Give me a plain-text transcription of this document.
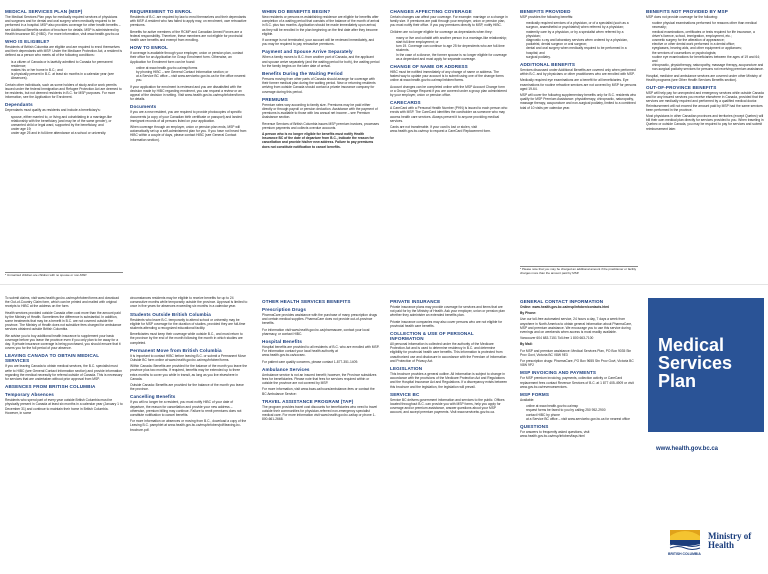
MEDICAL SERVICES PLAN (MSP)

The Medical Services Plan pays for medically required services of physicians and surgeons and for dental and oral surgery when medically required to be performed in a hospital. MSP also provides coverage for other health benefits – see Additional Benefits section of brochure for details. MSP is administered by Health Insurance BC (HIBC). For more information, visit www.health.gov.bc.ca

WHO IS ELIGIBLE?

Residents of British Columbia are eligible and are required to enrol themselves and their dependants with MSP. Under the Medicare Protection Act, a resident is defined as a person who meets all of the following conditions:

• is a citizen of Canada or is lawfully admitted to Canada for permanent residence;
• makes his or her home in B.C.; and
• is physically present in B.C. at least six months in a calendar year (see Absences).

Certain other individuals, such as some holders of study and/or work permits issued under the federal Immigration and Refugee Protection Act are deemed to be residents, but not deemed residents in B.C. for MSP purposes. For more information, see the Application for Enrolment.

Dependants

Dependants must qualify as residents and include a beneficiary's:

• spouse, either married to, or living and cohabitating in a marriage-like relationship with the beneficiary (and may be of the same gender), or
• unmarried child or legal ward, supported by the beneficiary, and
• under age 19;
• under age 25 and in full-time attendance at a school or university.
* Unmarried children are children with no spouse or non-MSP.
REQUIREMENT TO ENROL

Residents of B.C. are required by law to enrol themselves and their dependants with MSP. A resident who has failed to apply may, on enrolment, owe retroactive premiums.

Benefits for active members of the RCMP and Canadian Armed Forces are a federal responsibility. Therefore, these members are not eligible for provincial health care benefits and exempt from enrolling.

HOW TO ENROL

If coverage is available through your employer, union or pension plan, contact their office for an Application for Group Enrolment form. Otherwise, an Application for Enrolment form can be found:

• online at www.health.gov.bc.ca/msp/forms
• by phoning HIBC – see General Contact Information section; or
• at a Service BC office – visit www.servicebc.gov.bc.ca for the office nearest you.

If your application for enrolment is reviewed and you are dissatisfied with the decision made by HIBC regarding enrolment, you can request a review or an appeal of the decision in writing. Visit www.health.gov.bc.ca/msp/infoben/forms for details.

Documents

If you are a new resident, you are required to provide photocopies of specific documents (a copy of your Canadian birth certificate or passport) and landed immigrant records of all persons listed on your application.

When coverage through an employer, union or pension plan ends, MSP will automatically set up a self-administered plan for you. If you have not heard from HIBC within a couple of days, please contact HIBC (see General Contact Information section).

WHEN DO BENEFITS BEGIN?

New residents or persons re-establishing residence are eligible for benefits after completion of a waiting period that consists of the balance of the month of arrival in B.C. plus two months. Application should be made immediately upon arrival, as they will be enrolled in the plan beginning on the first date after they become eligible.

If coverage is not terminated, your account will be reviewed immediately, and you may be required to pay retroactive premiums.

Payment and Spouse Arrive Separately

When a family moves to B.C. from another part of Canada, and the applicant and spouse arrive separately (and the waiting period for both), the waiting period for the family begins on the later date of arrival.

Benefits During the Waiting Period

Persons moving from other parts of Canada should arrange for coverage with their former medical plan during the waiting period. New or returning residents arriving from outside Canada should contact a private insurance company for coverage during this period.

PREMIUMS

Premium rates vary according to family size. Premiums may be paid either directly or through payroll or pension deduction. Assistance with the payment of premiums is available to those with low annual net income – see Premium Assistance section.

Revenue Services of British Columbia issues MSP premium invoices, processes premium payments and collects overdue accounts.

A person who is no longer eligible for benefits must notify Health Insurance BC of the date of departure from B.C., indicate the reason for cancellation and provide his/her new address. Failure to pay premiums does not constitute notification to cancel benefits.

CHANGES AFFECTING COVERAGE

Certain changes can affect your coverage. For example: marriage or a change in family size. If premiums are paid through your employer, union or pension plan, you must notify their office. If you pay premiums directly to MSP, notify HIBC.

Children are no longer eligible for coverage as dependants when they:

• marry or live and cohabit with another person in a marriage-like relationship;
• start full-time employment; or
• turn 19. Coverage can continue to age 25 for dependents who are full-time students.
• In the case of a divorce, the former spouse is no longer eligible for coverage as a dependant and must apply for separate coverage.
CHANGE OF NAME OR ADDRESS

HIBC must be notified immediately of any change of name or address. The fastest way to update your account is to submit using one of the change forms online at www.health.gov.bc.ca/msp/infoben/forms.

Account changes can be completed online with the MSP Account Change form or a Group Change Request if you are covered under a group plan administered by your employer, union or pension office.

CARECARDS

A CareCard with a Personal Health Number (PHN) is issued to each person who enrols with MSP. The CareCard identifies the cardholder as someone who may access health care services. Always present it to anyone providing medical services.

Cards are not transferable. If your card is lost or stolen, visit www.health.gov.bc.ca/msp to request a CareCard Replacement form.

BENEFITS PROVIDED

MSP provides the following benefits:

• medically required services of a physician, or of a specialist (such as a surgeon, anaesthetist or psychiatrist) when referred by a physician;
• maternity care by a physician, or by a specialist when referred by a physician;
• diagnostic x-ray and laboratory services when ordered by a physician, podiatrist, dental surgeon or oral surgeon;
• dental and oral surgery when medically required to be performed in a hospital; and
• surgical podiatry.
ADDITIONAL BENEFITS

Services discussed under Additional Benefits are covered only when performed within B.C. and by physicians or other practitioners who are enrolled with MSP.

Medically required eye examinations are a benefit for all beneficiaries. Eye examinations for routine refractive services are not covered by MSP for persons aged 19-64.

MSP will cover the following supplementary benefits only for B.C. residents who qualify for MSP Premium Assistance: physiotherapy, chiropractic, naturopathy, massage therapy, acupuncture and non-surgical podiatry, limited to a combined total of 10 visits per calendar year.

* Please note that you may be charged an additional amount if the practitioner or facility charges more than the amount paid by MSP.
BENEFITS NOT PROVIDED BY MSP

MSP does not provide coverage for the following:

• routine physical examinations performed for reasons other than medical necessity;
• medical examinations, certificates or tests required for life insurance, a driver's licence, school, immigration, employment, etc.;
• cosmetic surgery for the alteration of appearance;
• elective or other dental work performed in a dental office;
• eyeglasses, hearing aids, and other equipment or appliances;
• the services of counsellors or psychologists;
• routine eye examinations for beneficiaries between the ages of 19 and 64; and
• chiropractic, physiotherapy, naturopathy, massage therapy, acupuncture and non-surgical podiatry services for persons not receiving premium assistance.

Hospital, medicine and ambulance services are covered under other Ministry of Health programs (see Other Health Services Benefits section).

OUT-OF-PROVINCE BENEFITS

MSP will help pay for unexpected and emergency services while outside Canada and for any insured services you receive elsewhere in Canada, provided that the services are medically required and performed by a qualified medical doctor. Reimbursement will not exceed the amount paid by MSP had the same services been performed in the province.

Most physicians in other Canadian provinces and territories (except Quebec) will bill their own medical plan directly for services provided to you. When traveling in Quebec or outside Canada, you may be required to pay for services and submit reimbursement later.

To submit claims, visit www.health.gov.bc.ca/msp/infoben/forms and download the Out-of-Country Claim form, which can be printed and mailed with original receipts to HIBC at the address on the form.

Health services provided outside Canada often cost more than the amount paid by the Ministry of Health. Sometimes the difference is substantial. In addition, some treatments that may be a benefit in B.C. are not covered outside the province. The Ministry of Health does not subsidize fees charged for ambulance services obtained outside British Columbia.

We advise you to buy additional health insurance to supplement your basic coverage before you leave the province even if you only plan to be away for a day. If private insurance coverage is being purchased, you should ensure that it covers you for the full period of your absence.

LEAVING CANADA TO OBTAIN MEDICAL SERVICES

If you are leaving Canada to obtain medical services, the B.C. specialist must write to HIBC (see General Contact Information section) and provide information regarding the medical necessity for referral outside of Canada. This is necessary for services that are undertaken without prior approval from MSP.

ABSENCES FROM BRITISH COLUMBIA
Temporary Absences

Residents who spend part of every year outside British Columbia must be physically present in Canada at least six months in a calendar year (January 1 to December 31) and continue to maintain their home in British Columbia. However, in some

circumstances residents may be eligible to receive benefits for up to 24 consecutive months while temporarily outside the province. Approval is limited to once in five years for absences exceeding six months in a calendar year.

Students Outside British Columbia

Residents who leave B.C. temporarily to attend school or university may be eligible for MSP coverage for the duration of studies, provided they are full-time students attending a recognized educational facility.

Beneficiaries must keep their coverage while outside B.C., and must return to the province by the end of the month following the month in which studies are completed.

Permanent Move from British Columbia

It is important to contact HIBC before leaving B.C. or submit a Permanent Move Outside BC form online at www.health.gov.bc.ca/msp/infoben/forms.

Within Canada: Benefits are provided for the balance of the month you leave the province plus two months. If required, benefits may be extended up to three extra months to cover you while in transit, as long as you live elsewhere in Canada.

Outside Canada: Benefits are provided for the balance of the month you leave the province.

Cancelling Benefits

If you will no longer be a resident, you must notify HIBC of your date of departure, the reason for cancellation and provide your new address – otherwise, premium billing may continue. Failure to remit premiums does not constitute notification to cancel benefits.

For more information on absences or moving from B.C., download a copy of the Leaving B.C. pamphlet at www.health.gov.bc.ca/msp/infoben/pdf/leaving-bc-brochure.pdf.

OTHER HEALTH SERVICES BENEFITS
Prescription Drugs

PharmaCare provides assistance with the purchase of many prescription drugs and certain medical supplies. PharmaCare does not provide out-of-province benefits.

For information visit www.health.gov.bc.ca/pharmacare, contact your local pharmacy, or contact HIBC.

Hospital Benefits

Hospital benefits are provided to all residents of B.C. who are enrolled with MSP. For information contact your local health authority at www.health.gov.bc.ca/socsec.

For patient care quality concerns, please contact 1-877-351-1409.

Ambulance Services

Ambulance service is not an insured benefit; however, the Province subsidizes fees for beneficiaries. Please note that fees for services required within or outside the province are not covered by MSP.

For more information, visit www.bcas.ca/hours/ambulance-fees or contact the BC Ambulance Service:

TRAVEL ASSISTANCE PROGRAM (TAP)

The program provides travel cost discounts for beneficiaries who need to travel outside their communities for physician-referred non-emergency specialist medical care. For more information visit www.health.gov.bc.ca/tap or phone 1-800-661-2668.

PRIVATE INSURANCE

Private insurance plans may provide coverage for services and items that are not paid for by the Ministry of Health. Ask your employer, union or pension plan whether they administer an extended benefits plan.

Private insurance companies may also cover persons who are not eligible for provincial health care benefits.

COLLECTION & USE OF PERSONAL INFORMATION

All personal information is collected under the authority of the Medicare Protection Act and is used to determine residency in B.C. and determine eligibility for provincial health care benefits. This information is protected from unauthorized use and disclosure in accordance with the Freedom of Information and Protection of Privacy Act.

LEGISLATION

This brochure provides a general outline. All information is subject to change in accordance with the provisions of the Medicare Protection Act and Regulations and the Hospital Insurance Act and Regulations. If a discrepancy exists between this brochure and the legislation, the legislation will prevail.

SERVICE BC

Service BC delivers government information and services to the public. Offices located throughout B.C. can provide you with MSP forms, help you apply for coverage and/or premium assistance, answer questions about your MSP account, and accept premium payments. Visit www.servicebc.gov.bc.ca.

GENERAL CONTACT INFORMATION

Online: www.health.gov.bc.ca/msp/infoben/contacts.html

By Phone:

Use our toll-free automated service, 24 hours a day, 7 days a week from anywhere in North America to obtain general information about PharmaCare, MSP and premium assistance. We encourage you to use this service during evenings and on weekends when access is most readily available.

Vancouver 604 683-7151 Toll-free 1 800 663-7100

By Mail:

For MSP and premium assistance: Medical Services Plan, PO Box 9035 Stn Prov Govt, Victoria BC V8W 9E3

For prescription drugs: PharmaCare, PO Box 9655 Stn Prov Govt, Victoria BC V8W 9P2

MSP INVOICING AND PAYMENTS

For MSP premium invoicing, payments, collection activity or CareCard replacement fees contact Revenue Services of B.C. at 1 877 405-4909 or visit www.gov.bc.ca/revenueservices.

MSP FORMS

Available:

• online at www.health.gov.bc.ca/msp
• request forms be faxed to you by calling 250 952-2900
• contact HIBC by phone
• at a Service BC office – visit www.servicebc.gov.bc.ca for nearest office
QUESTIONS

For answers to frequently asked questions, visit www.health.gov.bc.ca/msp/infoben/faqs.html

Medical
Services
Plan
www.health.gov.bc.ca
BRITISH COLUMBIA
Ministry of
Health
